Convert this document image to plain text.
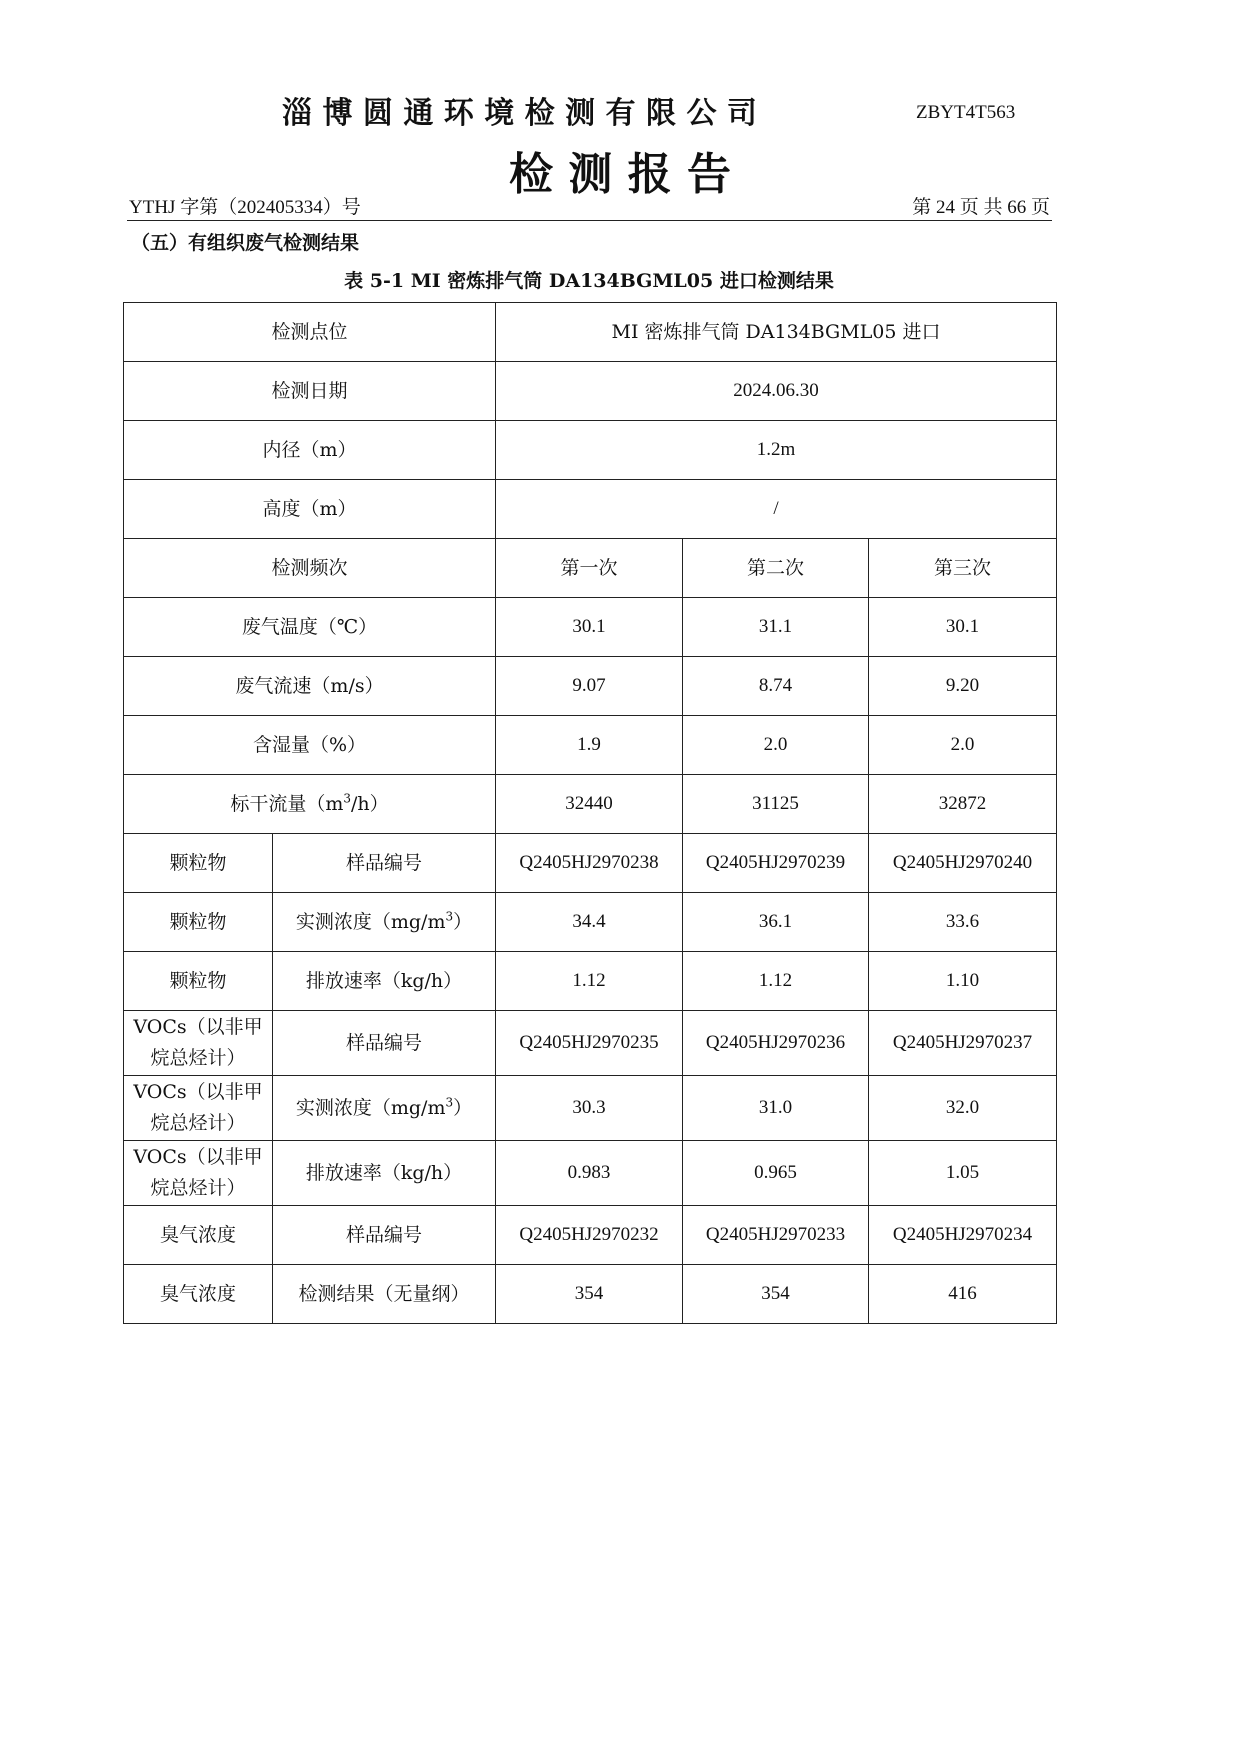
淄 博 圆 通 环 境 检 测 有 限 公 司	ZBYT4T563
检 测 报 告
YTHJ 字第（202405334）号	第 24 页 共 66 页
（五）有组织废气检测结果
表 5-1 MI 密炼排气筒 DA134BGML05 进口检测结果
检测点位		MI 密炼排气筒 DA134BGML05 进口		
检测日期		2024.06.30		
内径（m）		1.2m		
高度（m）		/		
检测频次		第一次	第二次	第三次
废气温度（℃）		30.1	31.1	30.1
废气流速（m/s）		9.07	8.74	9.20
含湿量（%）		1.9	2.0	2.0
标干流量$(m^3/h)$		32440	31125	32872
颗粒物	样品编号	Q2405HJ2970238	Q2405HJ2970239	Q2405HJ2970240
颗粒物	实测浓度$(mg/m^3)$	34.4	36.1	33.6
颗粒物	排放速率（kg/h）	1.12	1.12	1.10
VOCs（以非甲烷总烃计）	样品编号	Q2405HJ2970235	Q2405HJ2970236	Q2405HJ2970237
VOCs（以非甲烷总烃计）	实测浓度$(mg/m^3)$	30.3	31.0	32.0
VOCs（以非甲烷总烃计）	排放速率（kg/h）	0.983	0.965	1.05
臭气浓度	样品编号	Q2405HJ2970232	Q2405HJ2970233	Q2405HJ2970234
臭气浓度	检测结果（无量纲）	354	354	416
